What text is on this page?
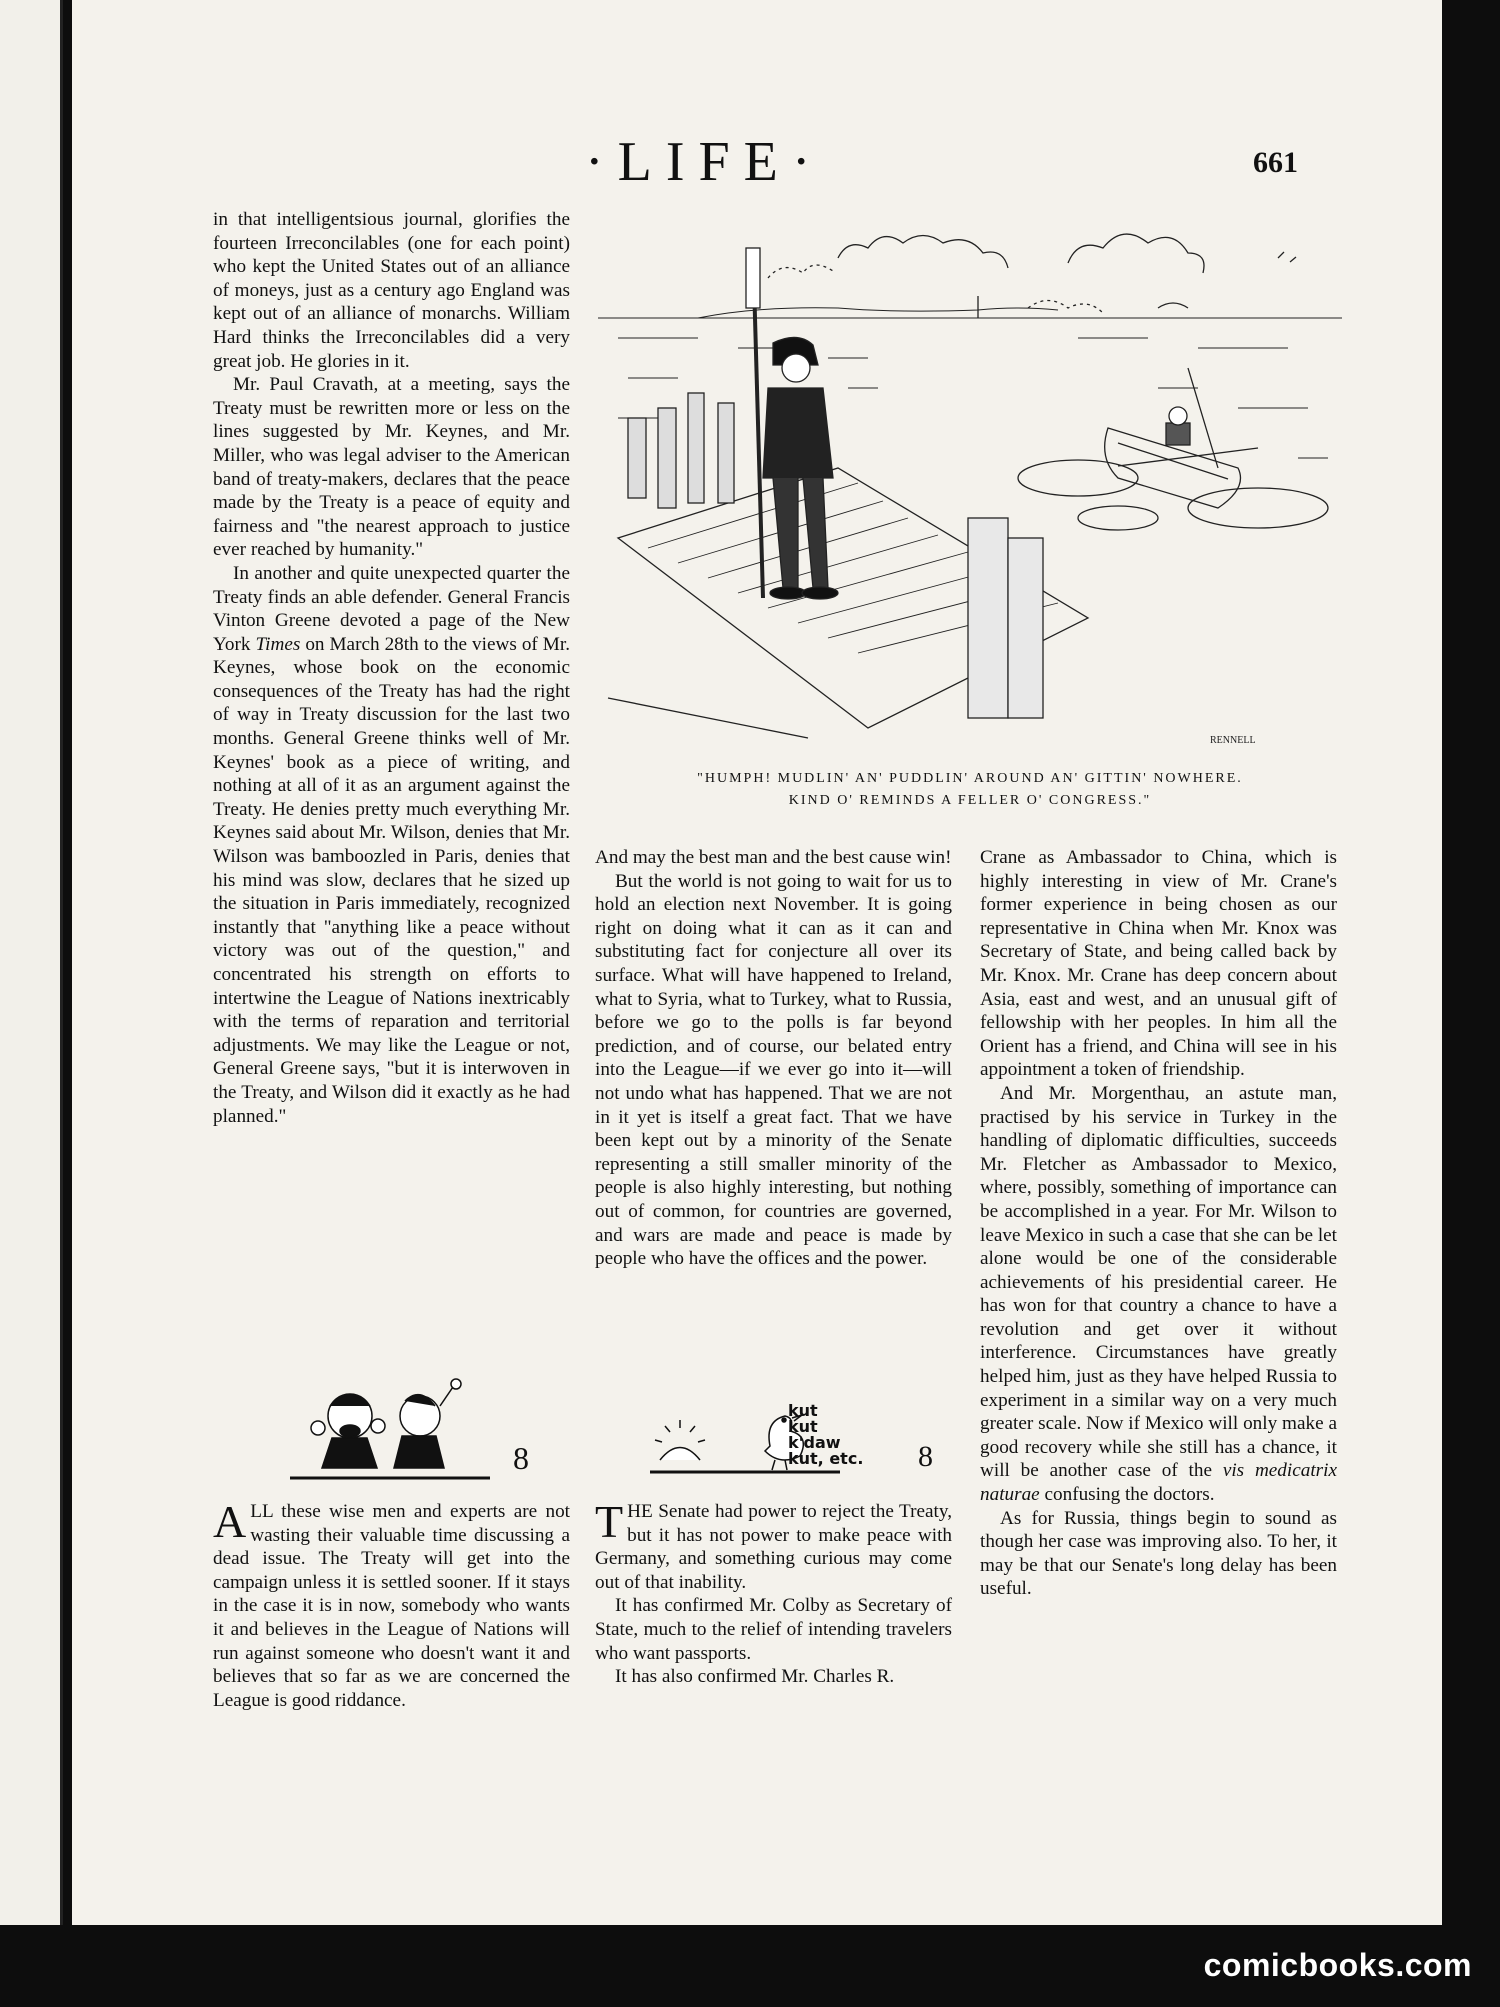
·LIFE·	661

in that intelligentsious journal, glorifies the fourteen Irreconcilables (one for each point) who kept the United States out of an alliance of moneys, just as a century ago England was kept out of an alliance of monarchs. William Hard thinks the Irreconcilables did a very great job. He glories in it.

Mr. Paul Cravath, at a meeting, says the Treaty must be rewritten more or less on the lines suggested by Mr. Keynes, and Mr. Miller, who was legal adviser to the American band of treaty-makers, declares that the peace made by the Treaty is a peace of equity and fairness and "the nearest approach to justice ever reached by humanity."

In another and quite unexpected quarter the Treaty finds an able defender. General Francis Vinton Greene devoted a page of the New York Times on March 28th to the views of Mr. Keynes, whose book on the economic consequences of the Treaty has had the right of way in Treaty discussion for the last two months. General Greene thinks well of Mr. Keynes' book as a piece of writing, and nothing at all of it as an argument against the Treaty. He denies pretty much everything Mr. Keynes said about Mr. Wilson, denies that Mr. Wilson was bamboozled in Paris, denies that his mind was slow, declares that he sized up the situation in Paris immediately, recognized instantly that "anything like a peace without victory was out of the question," and concentrated his strength on efforts to intertwine the League of Nations inextricably with the terms of reparation and territorial adjustments. We may like the League or not, General Greene says, "but it is interwoven in the Treaty, and Wilson did it exactly as he had planned."

RENNELL
"HUMPH! MUDLIN' AN' PUDDLIN' AROUND AN' GITTIN' NOWHERE.
KIND O' REMINDS A FELLER O' CONGRESS."

And may the best man and the best cause win!

But the world is not going to wait for us to hold an election next November. It is going right on doing what it can as it can and substituting fact for conjecture all over its surface. What will have happened to Ireland, what to Syria, what to Turkey, what to Russia, before we go to the polls is far beyond prediction, and of course, our belated entry into the League—if we ever go into it—will not undo what has happened. That we are not in it yet is itself a great fact. That we have been kept out by a minority of the Senate representing a still smaller minority of the people is also highly interesting, but nothing out of common, for countries are governed, and wars are made and peace is made by people who have the offices and the power.

Crane as Ambassador to China, which is highly interesting in view of Mr. Crane's former experience in being chosen as our representative in China when Mr. Knox was Secretary of State, and being called back by Mr. Knox. Mr. Crane has deep concern about Asia, east and west, and an unusual gift of fellowship with her peoples. In him all the Orient has a friend, and China will see in his appointment a token of friendship.

And Mr. Morgenthau, an astute man, practised by his service in Turkey in the handling of diplomatic difficulties, succeeds Mr. Fletcher as Ambassador to Mexico, where, possibly, something of importance can be accomplished in a year. For Mr. Wilson to leave Mexico in such a case that she can be let alone would be one of the considerable achievements of his presidential career. He has won for that country a chance to have a revolution and get over it without interference. Circumstances have greatly helped him, just as they have helped Russia to experiment in a similar way on a very much greater scale. Now if Mexico will only make a good recovery while she still has a chance, it will be another case of the vis medicatrix naturae confusing the doctors.

As for Russia, things begin to sound as though her case was improving also. To her, it may be that our Senate's long delay has been useful.

8
kut
kut
k'daw
kut, etc. 8

ALL these wise men and experts are not wasting their valuable time discussing a dead issue. The Treaty will get into the campaign unless it is settled sooner. If it stays in the case it is in now, somebody who wants it and believes in the League of Nations will run against someone who doesn't want it and believes that so far as we are concerned the League is good riddance.

THE Senate had power to reject the Treaty, but it has not power to make peace with Germany, and something curious may come out of that inability.

It has confirmed Mr. Colby as Secretary of State, much to the relief of intending travelers who want passports.

It has also confirmed Mr. Charles R.

comicbooks.com
